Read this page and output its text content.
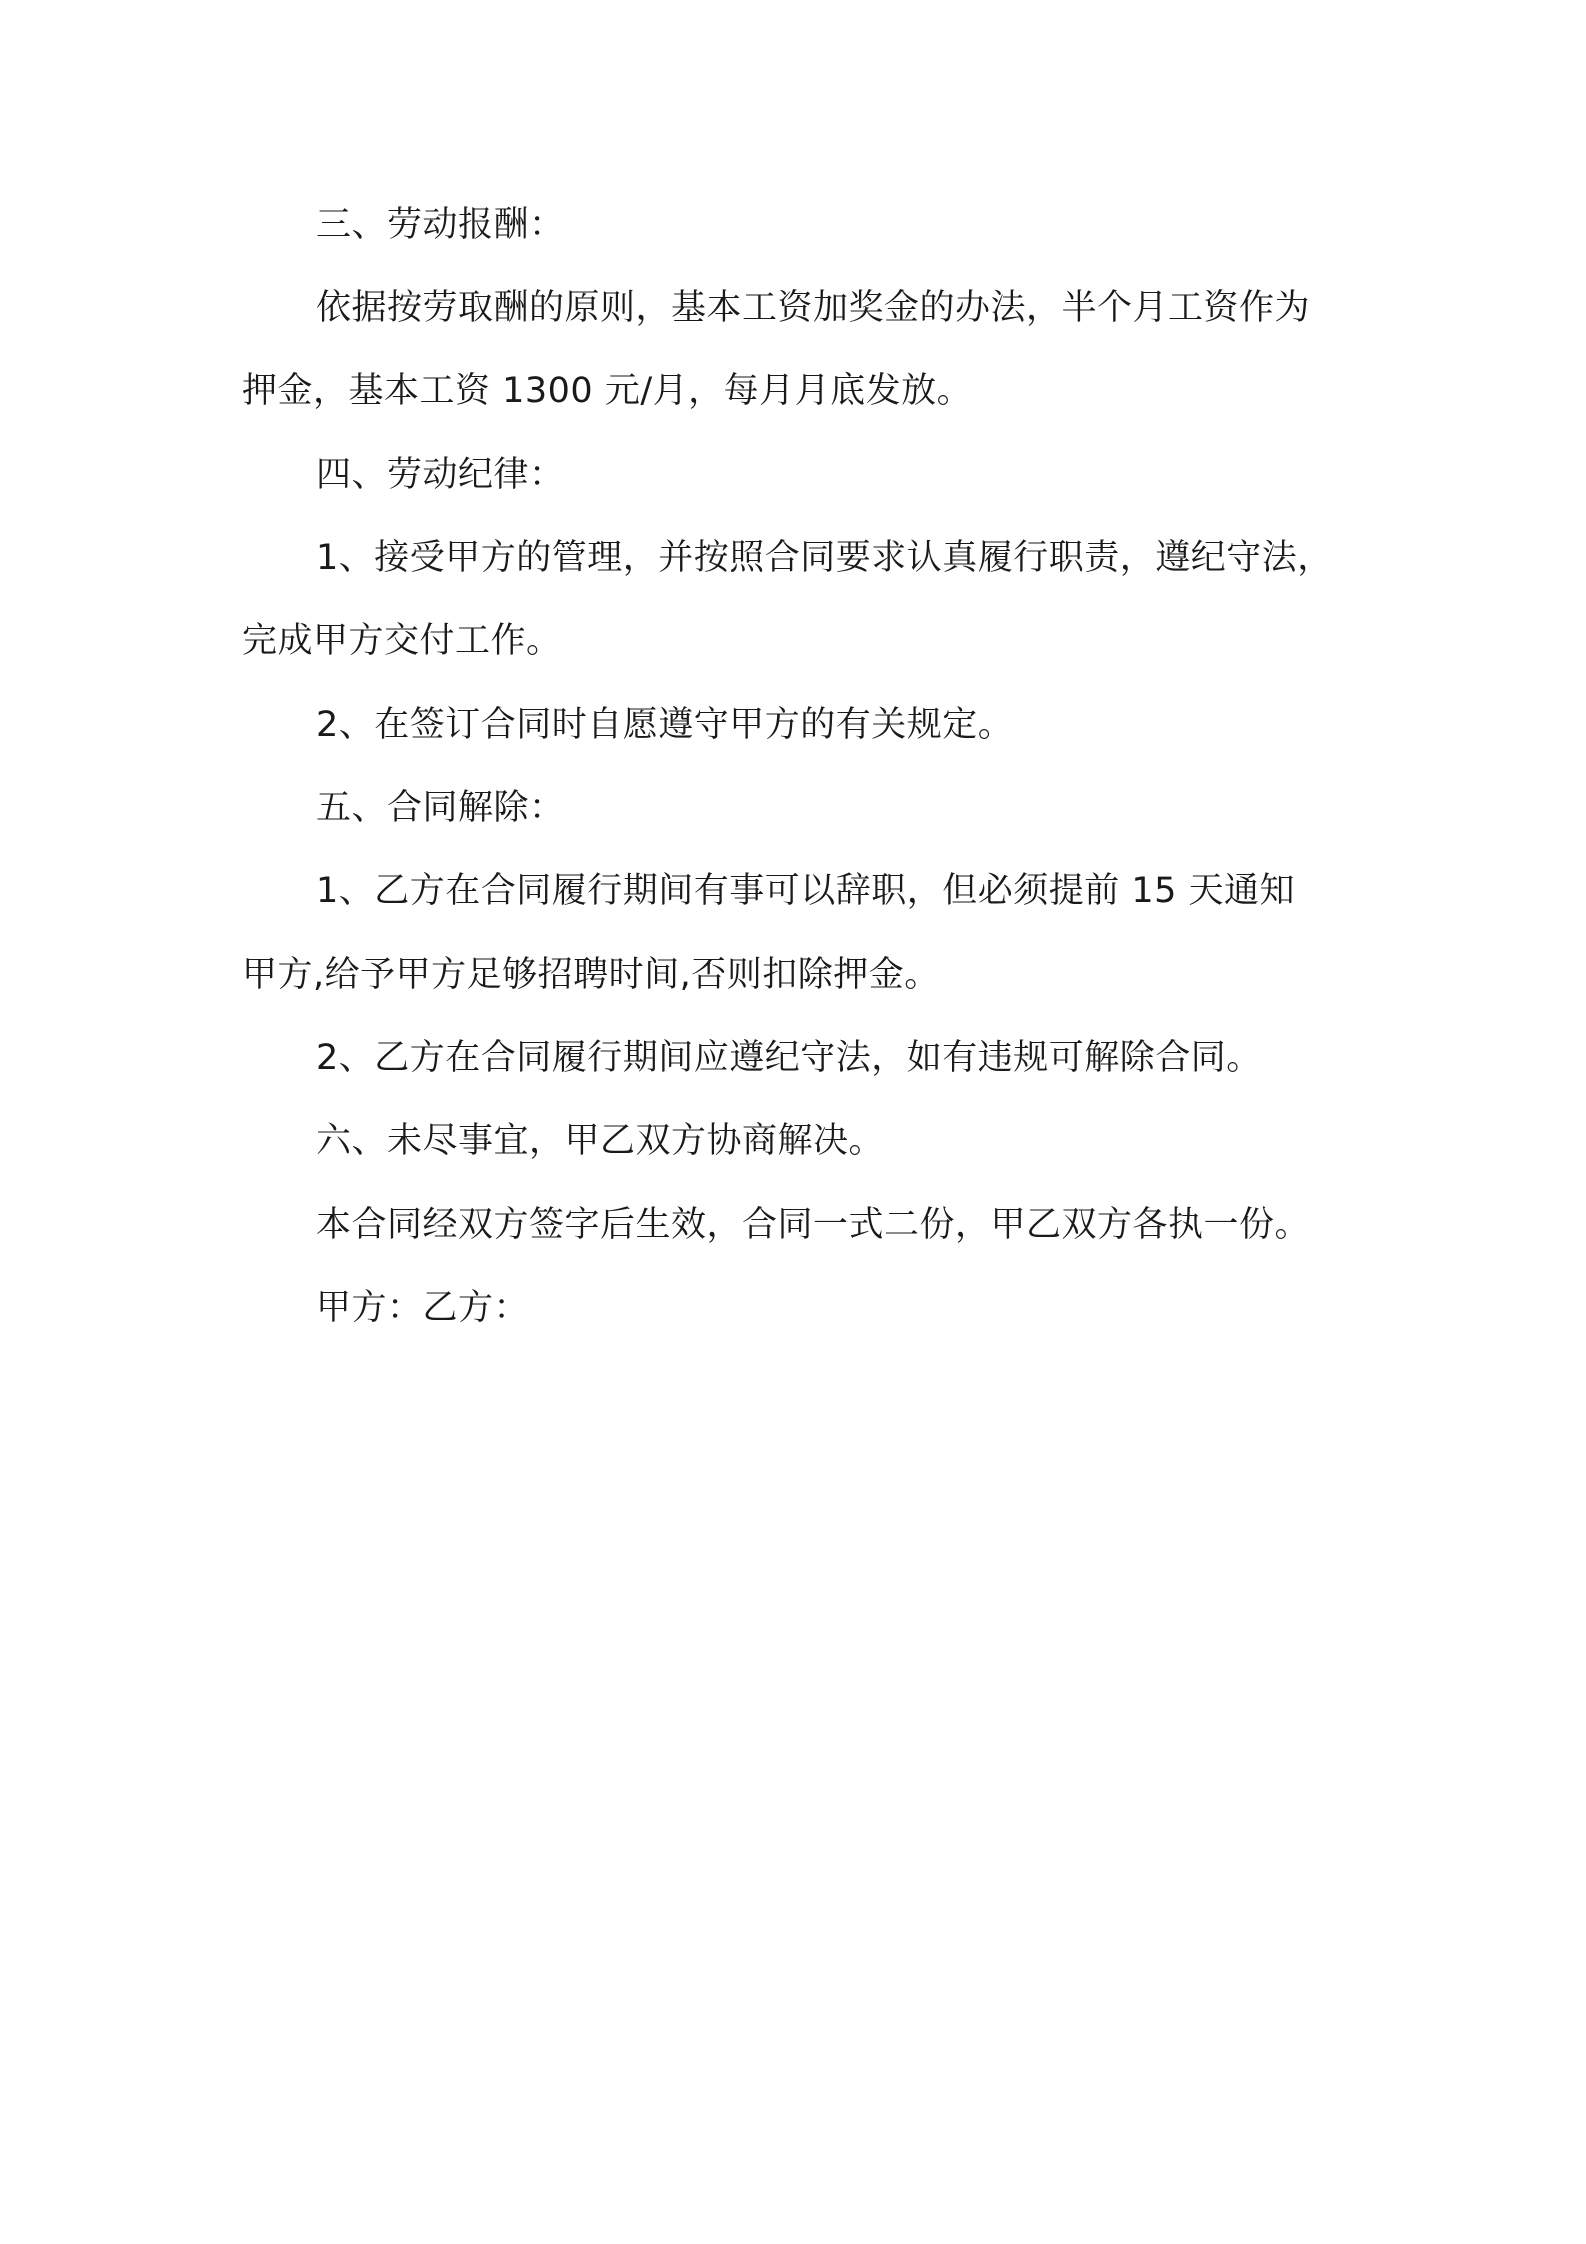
三、劳动报酬：
依据按劳取酬的原则，基本工资加奖金的办法，半个月工资作为
押金，基本工资 1300 元/月，每月月底发放。
四、劳动纪律：
1、接受甲方的管理，并按照合同要求认真履行职责，遵纪守法，
完成甲方交付工作。
2、在签订合同时自愿遵守甲方的有关规定。
五、合同解除：
1、乙方在合同履行期间有事可以辞职，但必须提前 15 天通知
甲方,给予甲方足够招聘时间,否则扣除押金。
2、乙方在合同履行期间应遵纪守法，如有违规可解除合同。
六、未尽事宜，甲乙双方协商解决。
本合同经双方签字后生效，合同一式二份，甲乙双方各执一份。
甲方：乙方：
